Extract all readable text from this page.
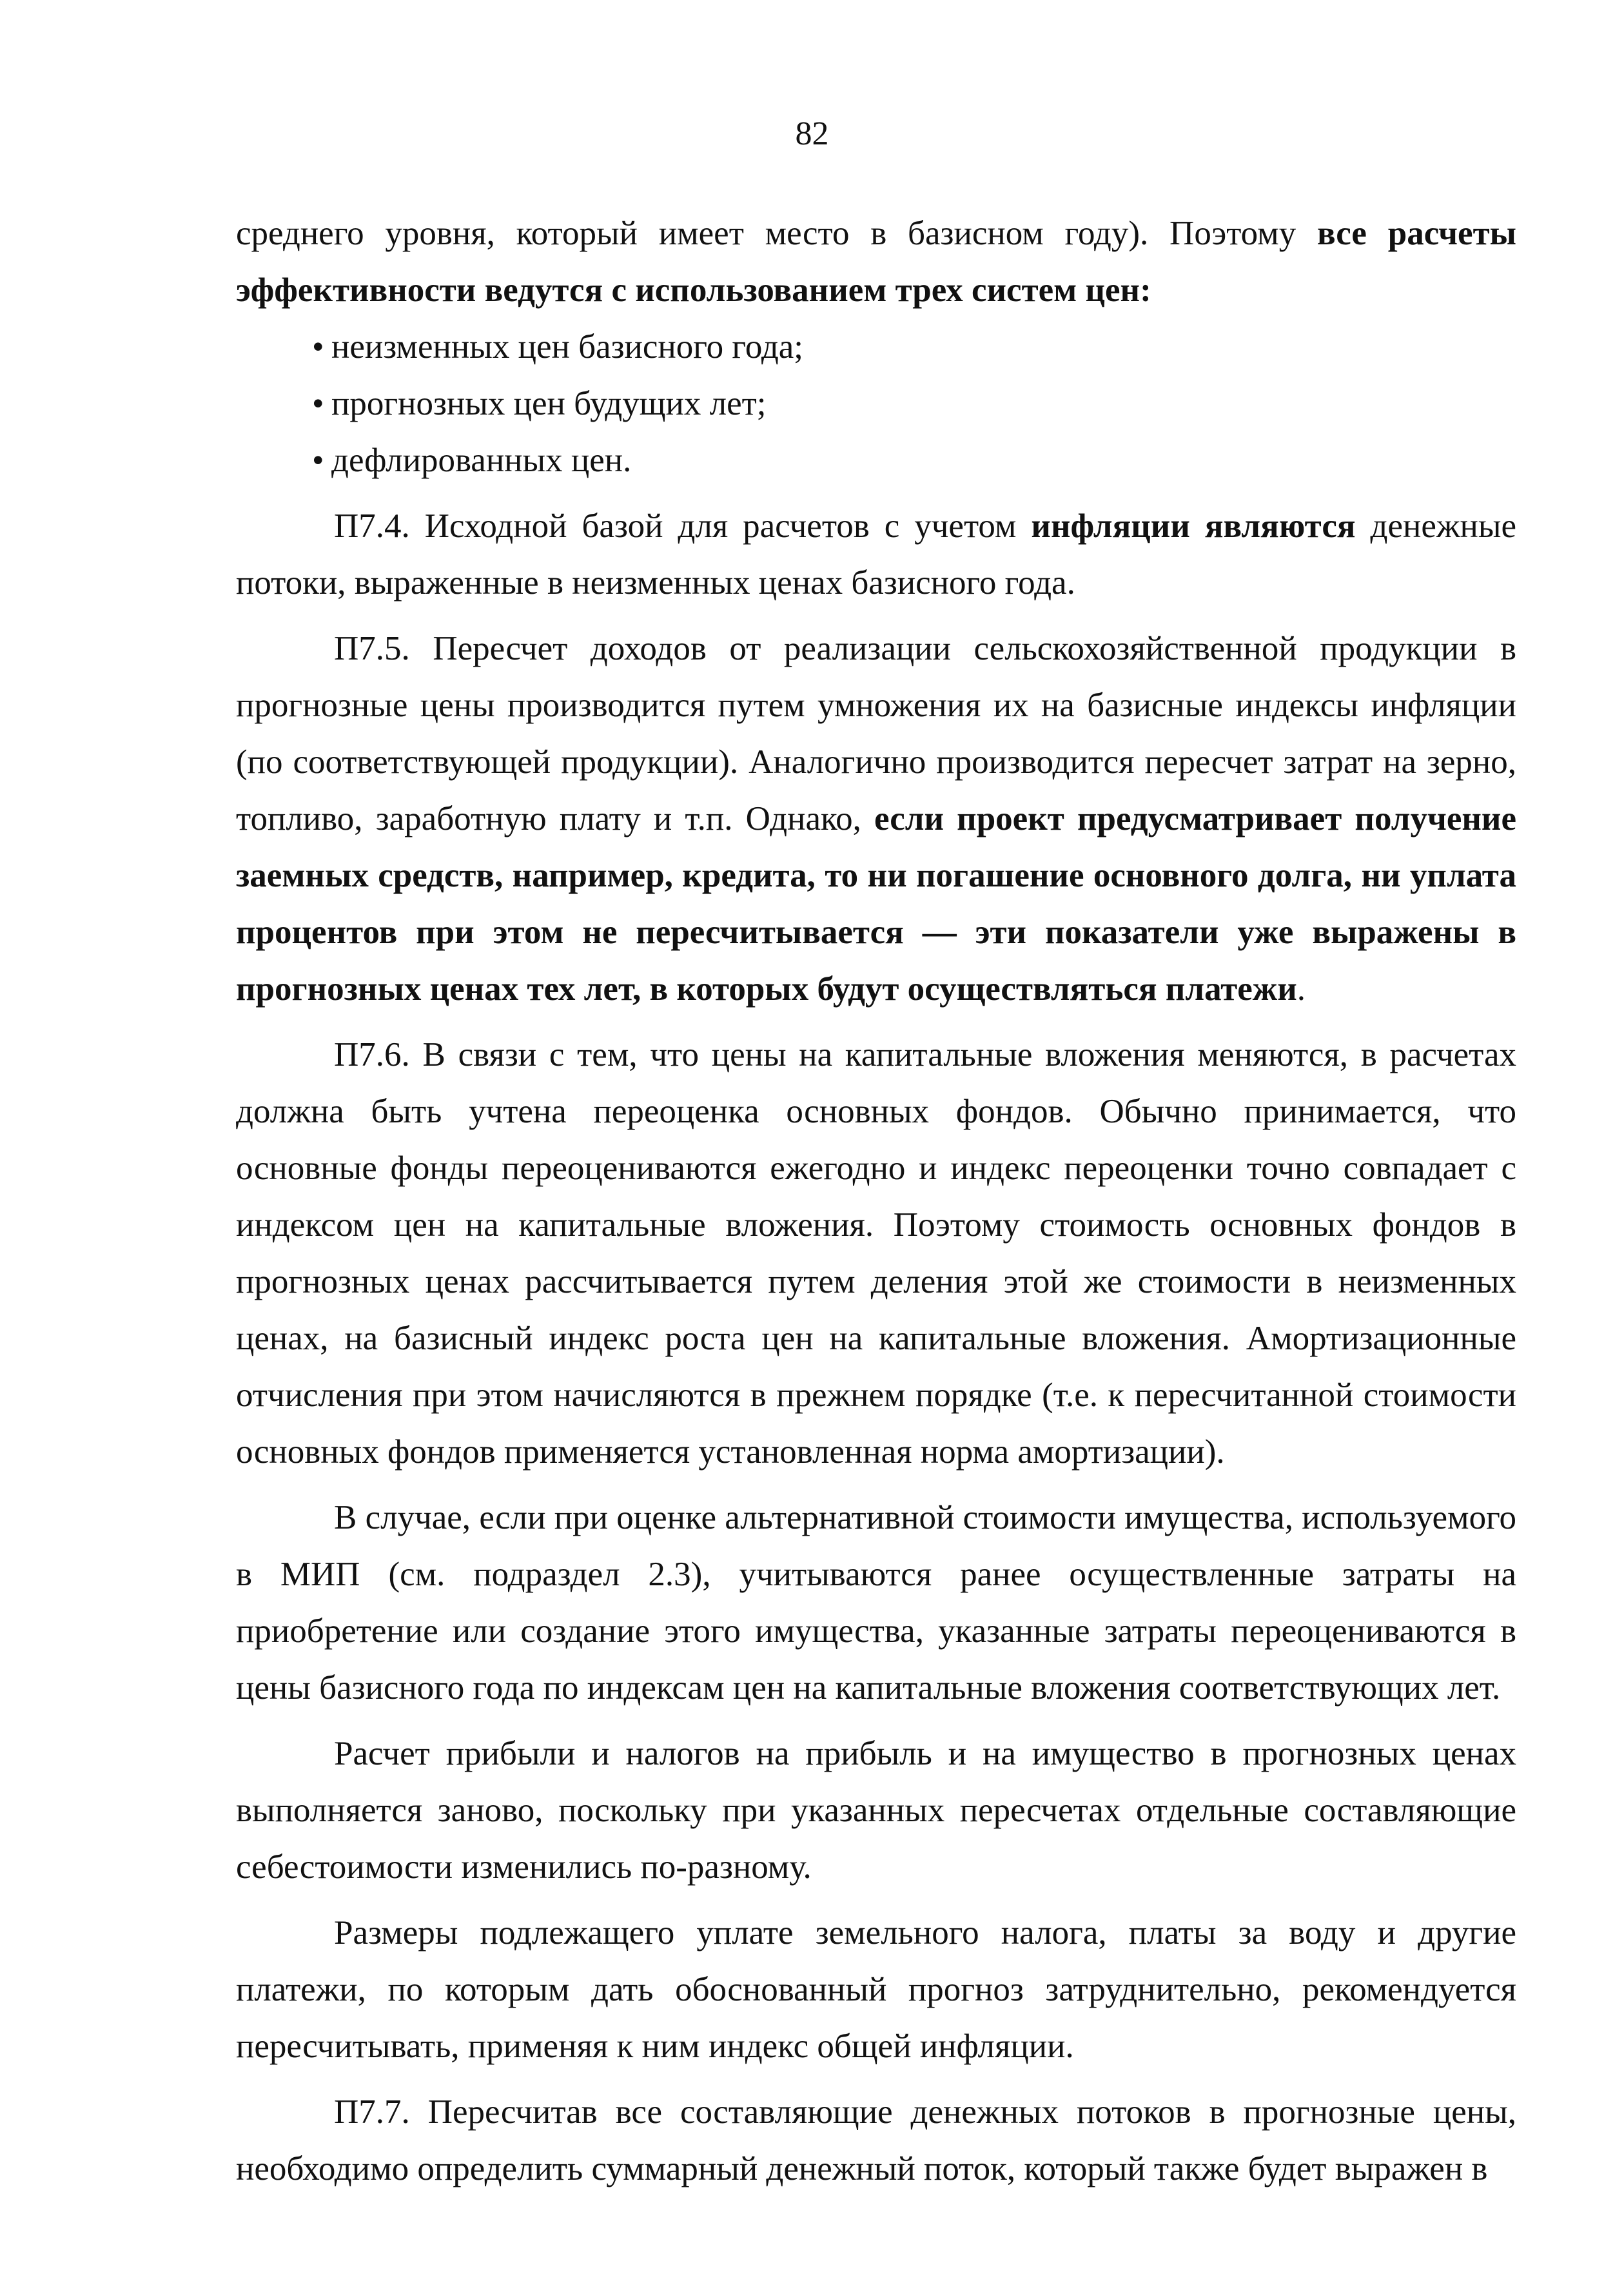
82

среднего уровня, который имеет место в базисном году). Поэтому все расчеты эффективности ведутся с использованием трех систем цен:

• неизменных цен базисного года;
• прогнозных цен будущих лет;
• дефлированных цен.

П7.4. Исходной базой для расчетов с учетом инфляции являются денежные потоки, выраженные в неизменных ценах базисного года.

П7.5. Пересчет доходов от реализации сельскохозяйственной продукции в прогнозные цены производится путем умножения их на базисные индексы инфляции (по соответствующей продукции). Аналогично производится пересчет затрат на зерно, топливо, заработную плату и т.п. Однако, если проект предусматривает получение заемных средств, например, кредита, то ни погашение основного долга, ни уплата процентов при этом не пересчитывается — эти показатели уже выражены в прогнозных ценах тех лет, в которых будут осуществляться платежи.

П7.6. В связи с тем, что цены на капитальные вложения меняются, в расчетах должна быть учтена переоценка основных фондов. Обычно принимается, что основные фонды переоцениваются ежегодно и индекс переоценки точно совпадает с индексом цен на капитальные вложения. Поэтому стоимость основных фондов в прогнозных ценах рассчитывается путем деления этой же стоимости в неизменных ценах, на базисный индекс роста цен на капитальные вложения. Амортизационные отчисления при этом начисляются в прежнем порядке (т.е. к пересчитанной стоимости основных фондов применяется установленная норма амортизации).

В случае, если при оценке альтернативной стоимости имущества, используемого в МИП (см. подраздел 2.3), учитываются ранее осуществленные затраты на приобретение или создание этого имущества, указанные затраты переоцениваются в цены базисного года по индексам цен на капитальные вложения соответствующих лет.

Расчет прибыли и налогов на прибыль и на имущество в прогнозных ценах выполняется заново, поскольку при указанных пересчетах отдельные составляющие себестоимости изменились по-разному.

Размеры подлежащего уплате земельного налога, платы за воду и другие платежи, по которым дать обоснованный прогноз затруднительно, рекомендуется пересчитывать, применяя к ним индекс общей инфляции.

П7.7. Пересчитав все составляющие денежных потоков в прогнозные цены, необходимо определить суммарный денежный поток, который также будет выражен в
